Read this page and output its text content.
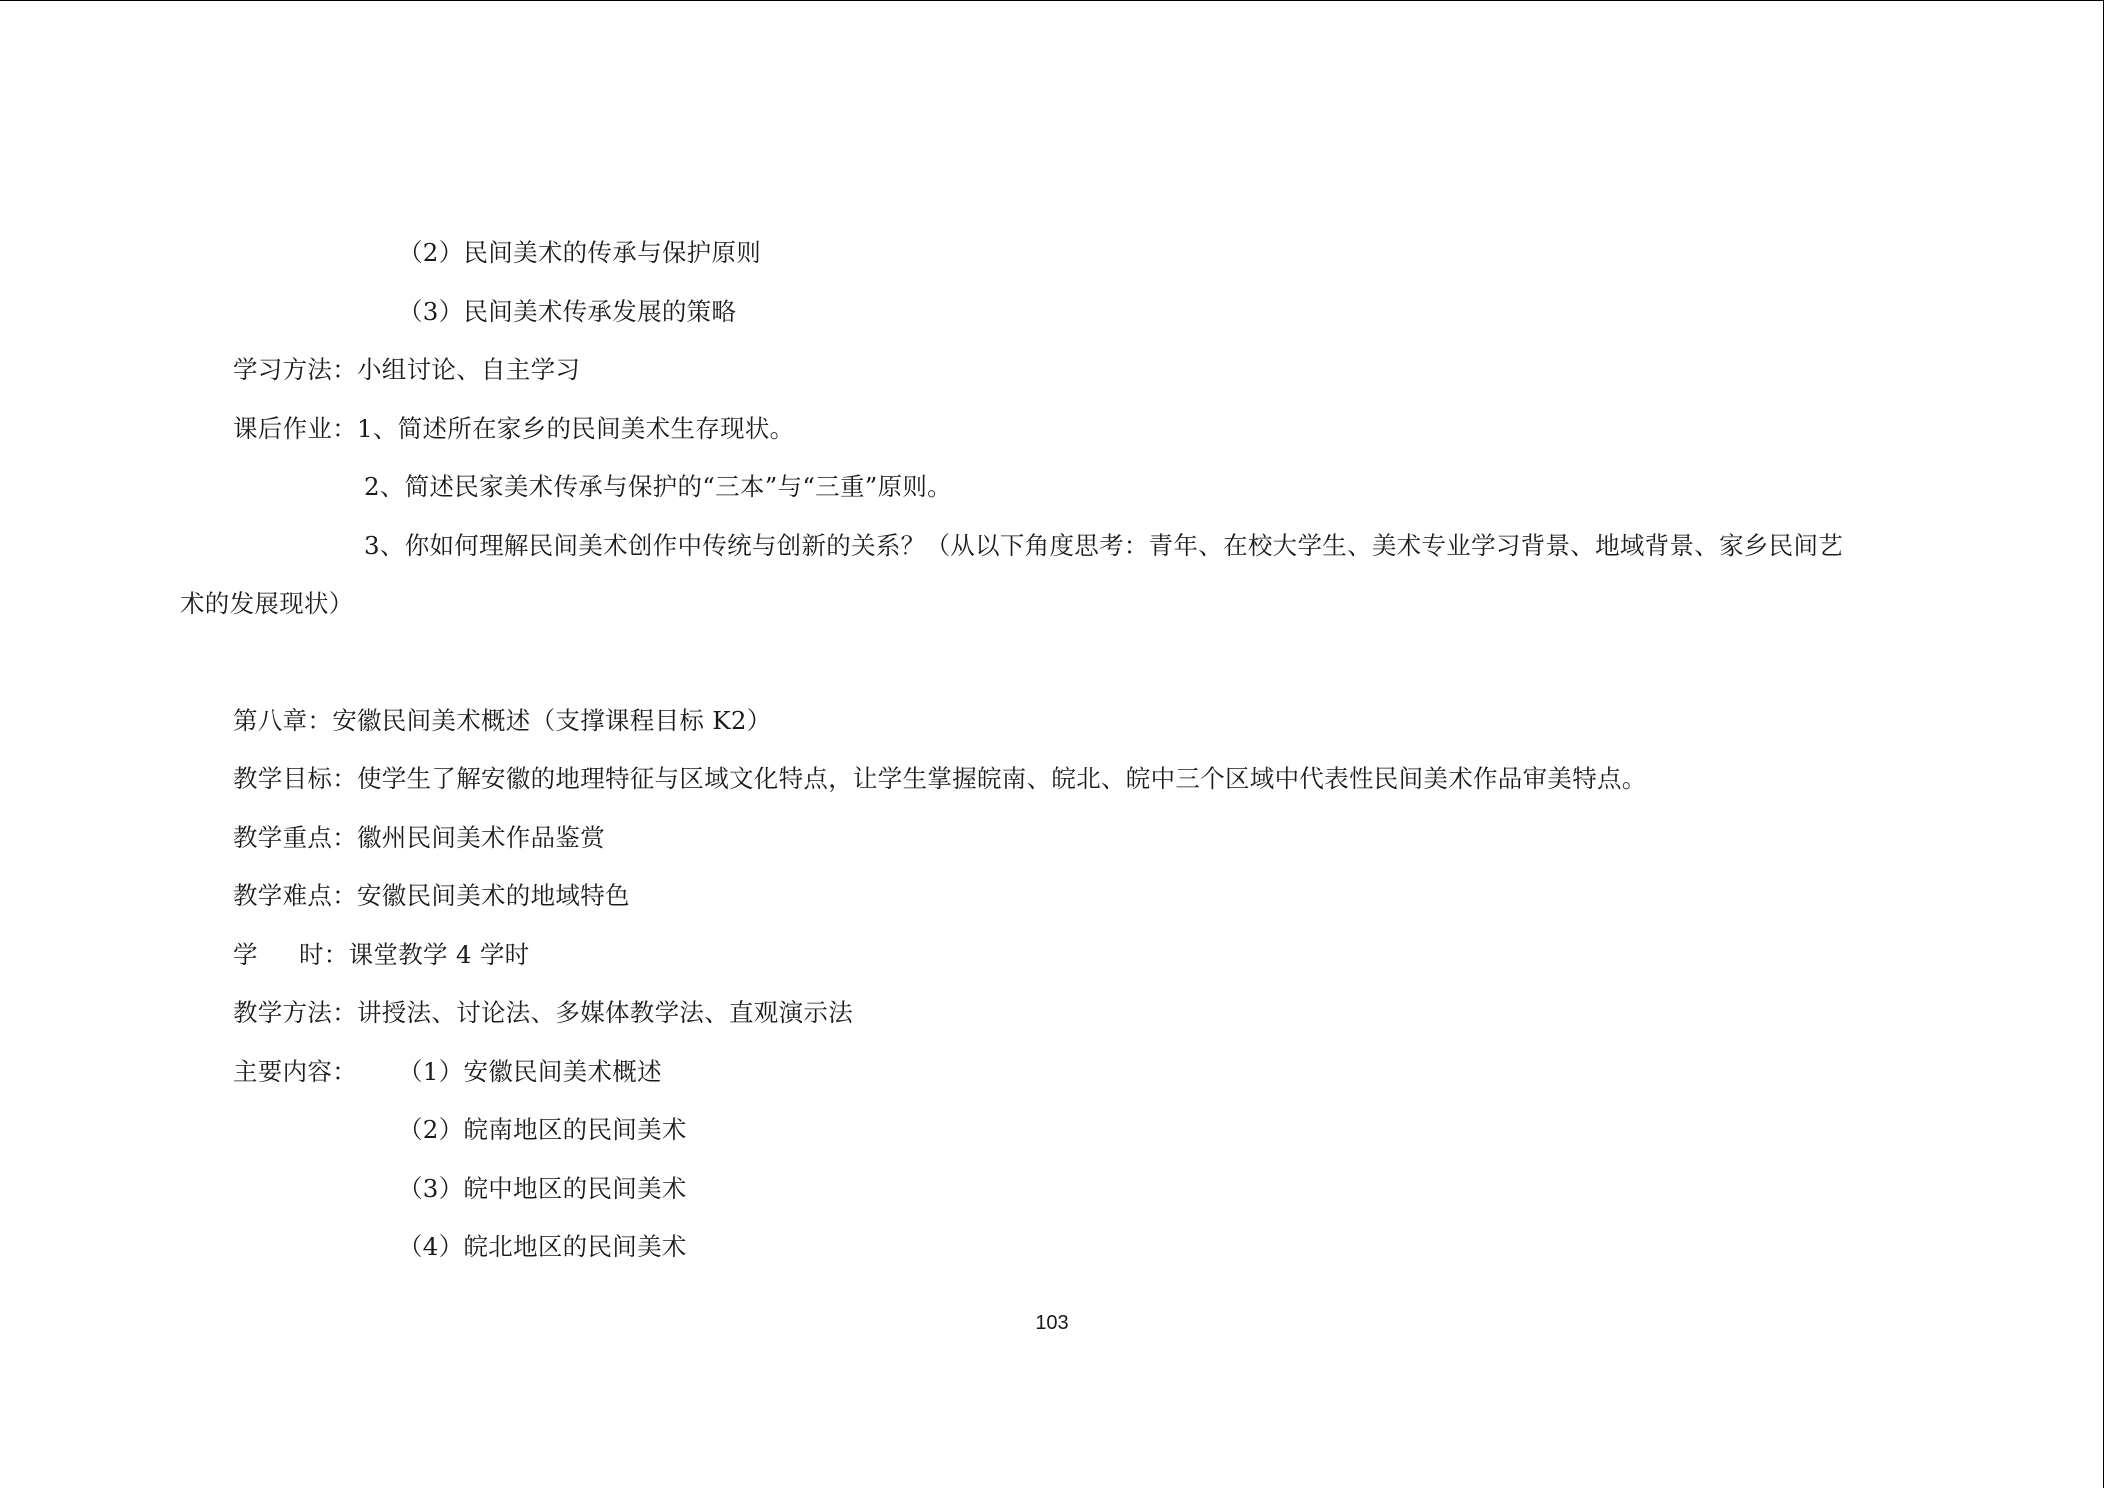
（2）民间美术的传承与保护原则
（3）民间美术传承发展的策略
学习方法：小组讨论、自主学习
课后作业：1、简述所在家乡的民间美术生存现状。
2、简述民家美术传承与保护的“三本”与“三重”原则。
3、你如何理解民间美术创作中传统与创新的关系？（从以下角度思考：青年、在校大学生、美术专业学习背景、地域背景、家乡民间艺
术的发展现状）
第八章：安徽民间美术概述（支撑课程目标 K2）
教学目标：使学生了解安徽的地理特征与区域文化特点，让学生掌握皖南、皖北、皖中三个区域中代表性民间美术作品审美特点。
教学重点：徽州民间美术作品鉴赏
教学难点：安徽民间美术的地域特色
学 时：课堂教学 4 学时
教学方法：讲授法、讨论法、多媒体教学法、直观演示法
主要内容： （1）安徽民间美术概述
（2）皖南地区的民间美术
（3）皖中地区的民间美术
（4）皖北地区的民间美术
103
